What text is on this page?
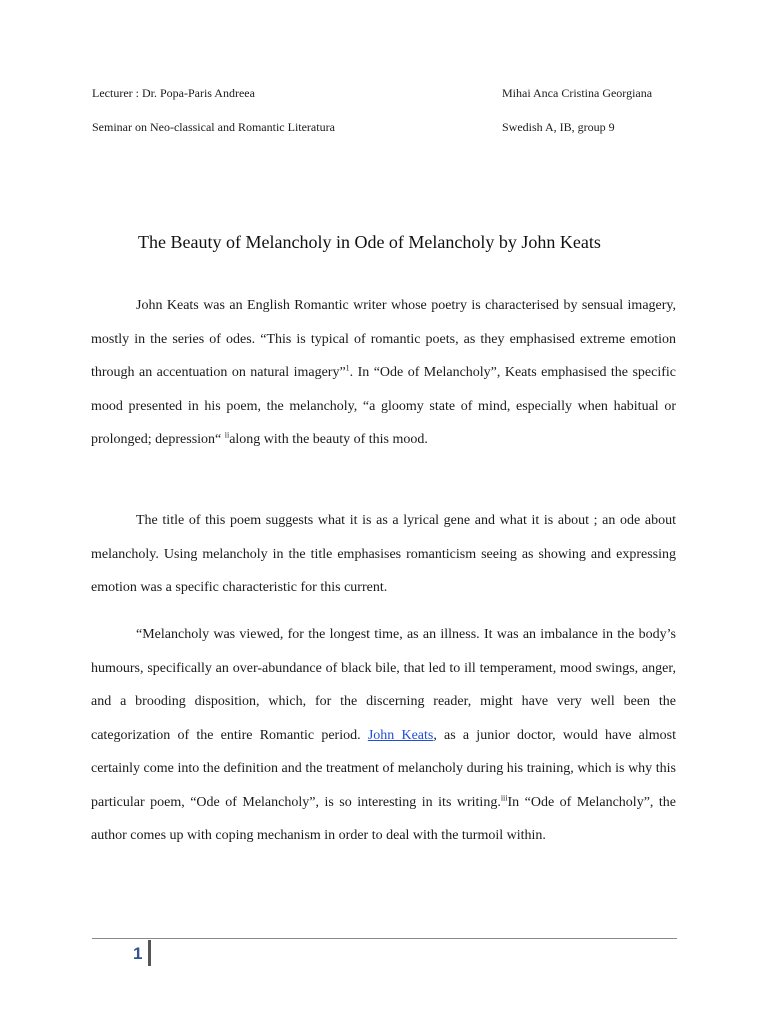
Lecturer : Dr. Popa-Paris Andreea
Seminar on Neo-classical and Romantic Literatura
Mihai Anca Cristina Georgiana
Swedish A, IB, group 9
The Beauty of Melancholy in Ode of Melancholy by John Keats

John Keats was an English Romantic writer whose poetry is characterised by sensual imagery, mostly in the series of odes. “This is typical of romantic poets, as they emphasised extreme emotion through an accentuation on natural imagery”$^1$. In “Ode of Melancholy”, Keats emphasised the specific mood presented in his poem, the melancholy, “a gloomy state of mind, especially when habitual or prolonged; depression“ $^{ii}$along with the beauty of this mood.

The title of this poem suggests what it is as a lyrical gene and what it is about ; an ode about melancholy. Using melancholy in the title emphasises romanticism seeing as showing and expressing emotion was a specific characteristic for this current.

“Melancholy was viewed, for the longest time, as an illness. It was an imbalance in the body’s humours, specifically an over-abundance of black bile, that led to ill temperament, mood swings, anger, and a brooding disposition, which, for the discerning reader, might have very well been the categorization of the entire Romantic period. John Keats, as a junior doctor, would have almost certainly come into the definition and the treatment of melancholy during his training, which is why this particular poem, “Ode of Melancholy”, is so interesting in its writing.$^{iii}$In “Ode of Melancholy”, the author comes up with coping mechanism in order to deal with the turmoil within.

1
